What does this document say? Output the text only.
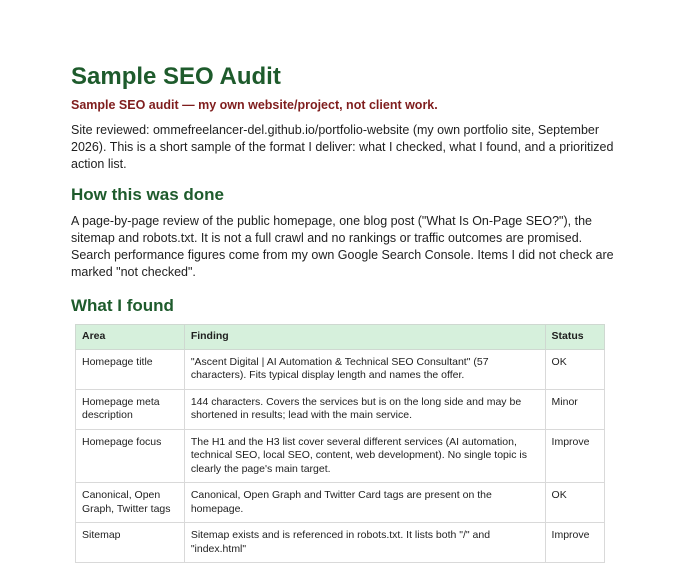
Sample SEO Audit

Sample SEO audit — my own website/project, not client work.

Site reviewed: ommefreelancer-del.github.io/portfolio-website (my own portfolio site, September 2026). This is a short sample of the format I deliver: what I checked, what I found, and a prioritized action list.

How this was done

A page-by-page review of the public homepage, one blog post ("What Is On-Page SEO?"), the sitemap and robots.txt. It is not a full crawl and no rankings or traffic outcomes are promised. Search performance figures come from my own Google Search Console. Items I did not check are marked "not checked".

What I found
Area	Finding	Status
Homepage title	"Ascent Digital | AI Automation & Technical SEO Consultant" (57 characters). Fits typical display length and names the offer.	OK
Homepage meta description	144 characters. Covers the services but is on the long side and may be shortened in results; lead with the main service.	Minor
Homepage focus	The H1 and the H3 list cover several different services (AI automation, technical SEO, local SEO, content, web development). No single topic is clearly the page's main target.	Improve
Canonical, Open Graph, Twitter tags	Canonical, Open Graph and Twitter Card tags are present on the homepage.	OK
Sitemap	Sitemap exists and is referenced in robots.txt. It lists both "/" and "index.html"	Improve
